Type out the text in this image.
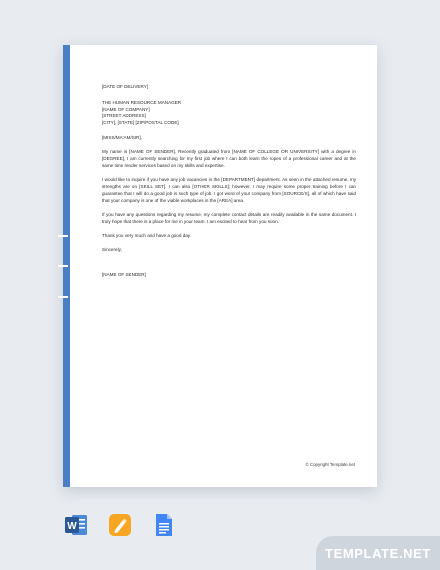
[DATE OF DELIVERY]

THE HUMAN RESOURCE MANAGER
[NAME OF COMPANY]
[STREET ADDRESS]
[CITY], [STATE] [ZIP/POSTAL CODE]

[MISS/MA'AM/SIR],

My name is [NAME OF SENDER]. Recently graduated from [NAME OF COLLEGE OR UNIVERSITY] with a degree in [DEGREE], I am currently searching for my first job where I can both learn the ropes of a professional career and at the same time render services based on my skills and expertise.

I would like to inquire if you have any job vacancies in the [DEPARTMENT] department. As seen in the attached resume, my strengths are on [SKILL SET]. I can also [OTHER SKILLS]; however, I may require some proper training before I can guarantee that I will do a good job in such type of job. I got word of your company from [SOURCE/S], all of which have said that your company is one of the viable workplaces in the [AREA] area.

If you have any questions regarding my resume, my complete contact details are readily available in the same document. I truly hope that there is a place for me in your team. I am excited to hear from you soon.

Thank you very much and have a good day.

Sincerely,

[NAME OF SENDER]

© Copyright Template.net
W
TEMPLATE.NET
